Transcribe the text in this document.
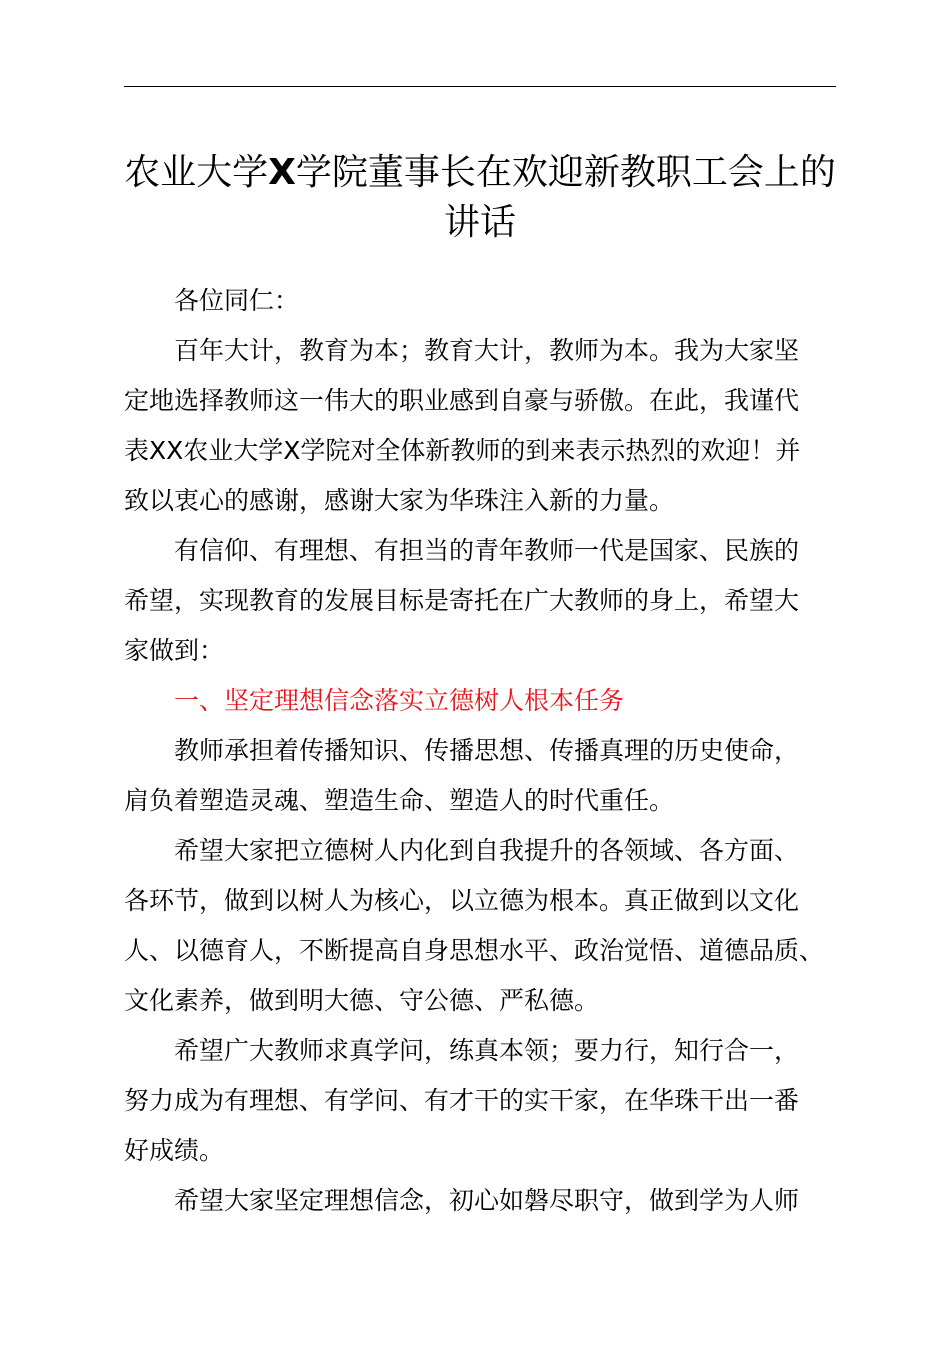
农业大学X学院董事长在欢迎新教职工会上的
讲话
各位同仁：
百年大计，教育为本；教育大计，教师为本。我为大家坚
定地选择教师这一伟大的职业感到自豪与骄傲。在此，我谨代
表XX农业大学X学院对全体新教师的到来表示热烈的欢迎！并
致以衷心的感谢，感谢大家为华珠注入新的力量。
有信仰、有理想、有担当的青年教师一代是国家、民族的
希望，实现教育的发展目标是寄托在广大教师的身上，希望大
家做到：
一、坚定理想信念落实立德树人根本任务
教师承担着传播知识、传播思想、传播真理的历史使命，
肩负着塑造灵魂、塑造生命、塑造人的时代重任。
希望大家把立德树人内化到自我提升的各领域、各方面、
各环节，做到以树人为核心，以立德为根本。真正做到以文化
人、以德育人，不断提高自身思想水平、政治觉悟、道德品质、
文化素养，做到明大德、守公德、严私德。
希望广大教师求真学问，练真本领；要力行，知行合一，
努力成为有理想、有学问、有才干的实干家，在华珠干出一番
好成绩。
希望大家坚定理想信念，初心如磐尽职守，做到学为人师
